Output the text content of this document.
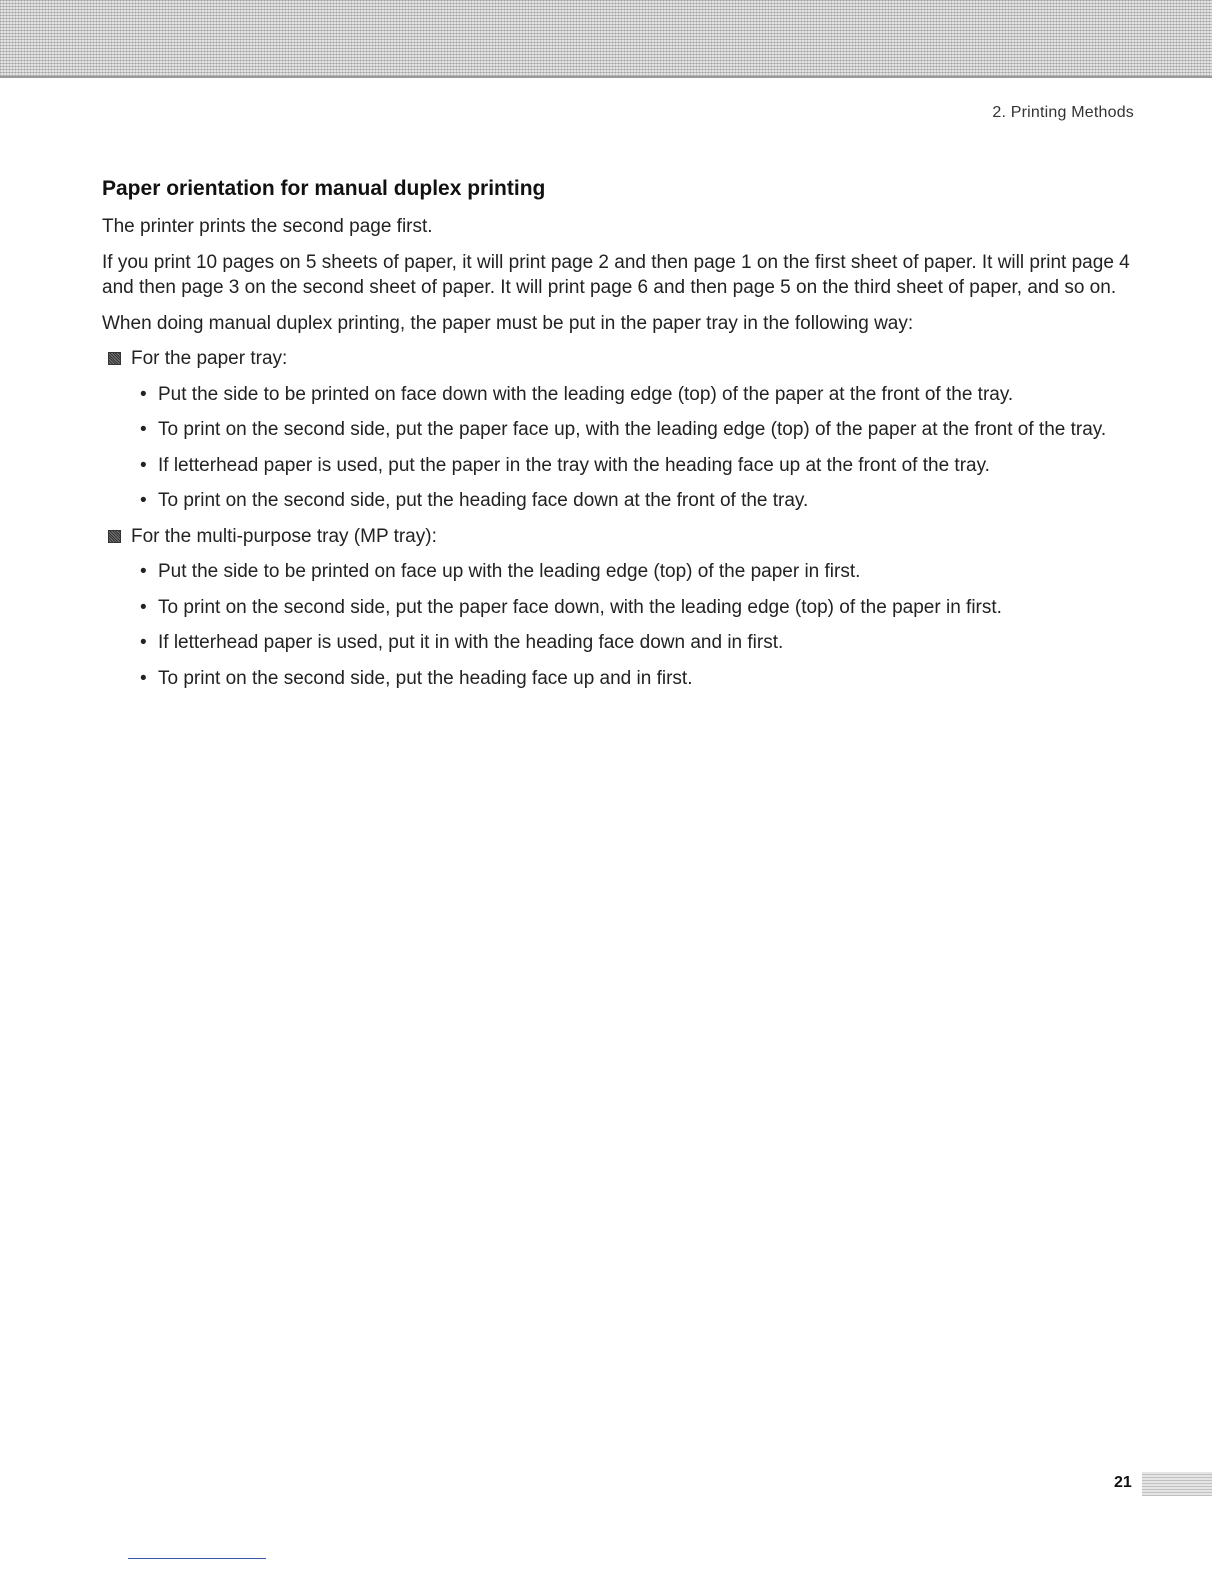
2. Printing Methods
Paper orientation for manual duplex printing

The printer prints the second page first.

If you print 10 pages on 5 sheets of paper, it will print page 2 and then page 1 on the first sheet of paper. It will print page 4 and then page 3 on the second sheet of paper. It will print page 6 and then page 5 on the third sheet of paper, and so on.

When doing manual duplex printing, the paper must be put in the paper tray in the following way:

For the paper tray:
• Put the side to be printed on face down with the leading edge (top) of the paper at the front of the tray.
• To print on the second side, put the paper face up, with the leading edge (top) of the paper at the front of the tray.
• If letterhead paper is used, put the paper in the tray with the heading face up at the front of the tray.
• To print on the second side, put the heading face down at the front of the tray.
For the multi-purpose tray (MP tray):
• Put the side to be printed on face up with the leading edge (top) of the paper in first.
• To print on the second side, put the paper face down, with the leading edge (top) of the paper in first.
• If letterhead paper is used, put it in with the heading face down and in first.
• To print on the second side, put the heading face up and in first.
21
